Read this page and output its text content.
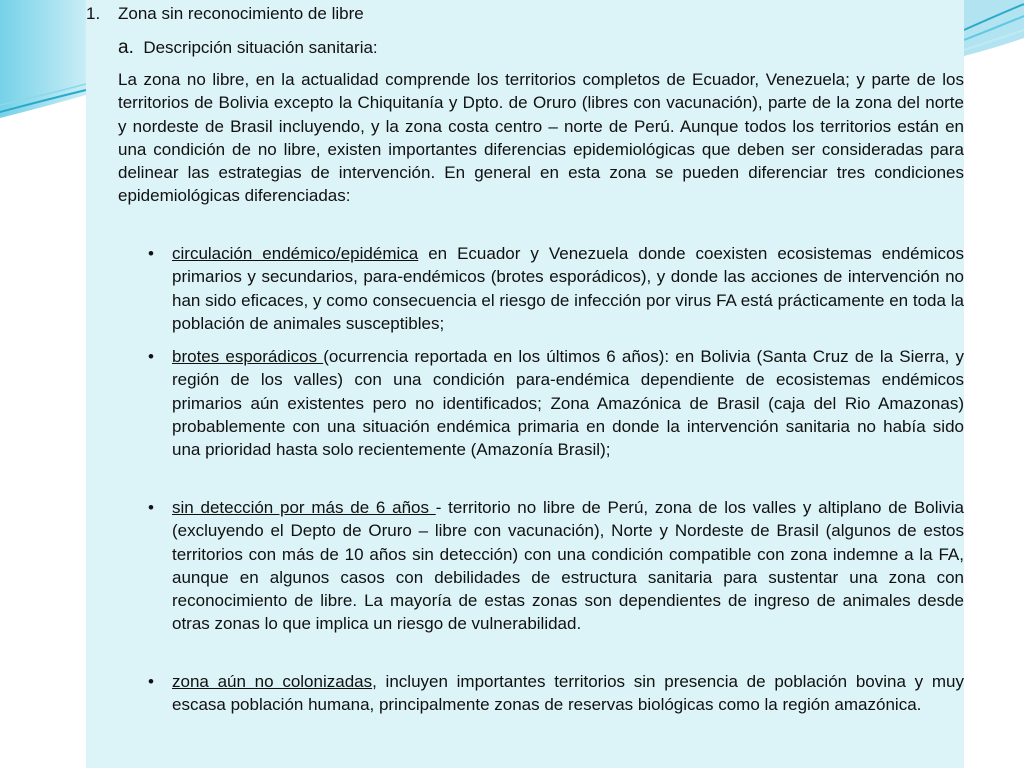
1. Zona sin reconocimiento de libre
a. Descripción situación sanitaria:

La zona no libre, en la actualidad comprende los territorios completos de Ecuador, Venezuela; y parte de los territorios de Bolivia excepto la Chiquitanía y Dpto. de Oruro (libres con vacunación), parte de la zona del norte y nordeste de Brasil incluyendo, y la zona costa centro – norte de Perú. Aunque todos los territorios están en una condición de no libre, existen importantes diferencias epidemiológicas que deben ser consideradas para delinear las estrategias de intervención. En general en esta zona se pueden diferenciar tres condiciones epidemiológicas diferenciadas:

• circulación endémico/epidémica en Ecuador y Venezuela donde coexisten ecosistemas endémicos primarios y secundarios, para-endémicos (brotes esporádicos), y donde las acciones de intervención no han sido eficaces, y como consecuencia el riesgo de infección por virus FA está prácticamente en toda la población de animales susceptibles;

• brotes esporádicos (ocurrencia reportada en los últimos 6 años): en Bolivia (Santa Cruz de la Sierra, y región de los valles) con una condición para-endémica dependiente de ecosistemas endémicos primarios aún existentes pero no identificados; Zona Amazónica de Brasil (caja del Rio Amazonas) probablemente con una situación endémica primaria en donde la intervención sanitaria no había sido una prioridad hasta solo recientemente (Amazonía Brasil);

• sin detección por más de 6 años - territorio no libre de Perú, zona de los valles y altiplano de Bolivia (excluyendo el Depto de Oruro – libre con vacunación), Norte y Nordeste de Brasil (algunos de estos territorios con más de 10 años sin detección) con una condición compatible con zona indemne a la FA, aunque en algunos casos con debilidades de estructura sanitaria para sustentar una zona con reconocimiento de libre. La mayoría de estas zonas son dependientes de ingreso de animales desde otras zonas lo que implica un riesgo de vulnerabilidad.

• zona aún no colonizadas, incluyen importantes territorios sin presencia de población bovina y muy escasa población humana, principalmente zonas de reservas biológicas como la región amazónica.
